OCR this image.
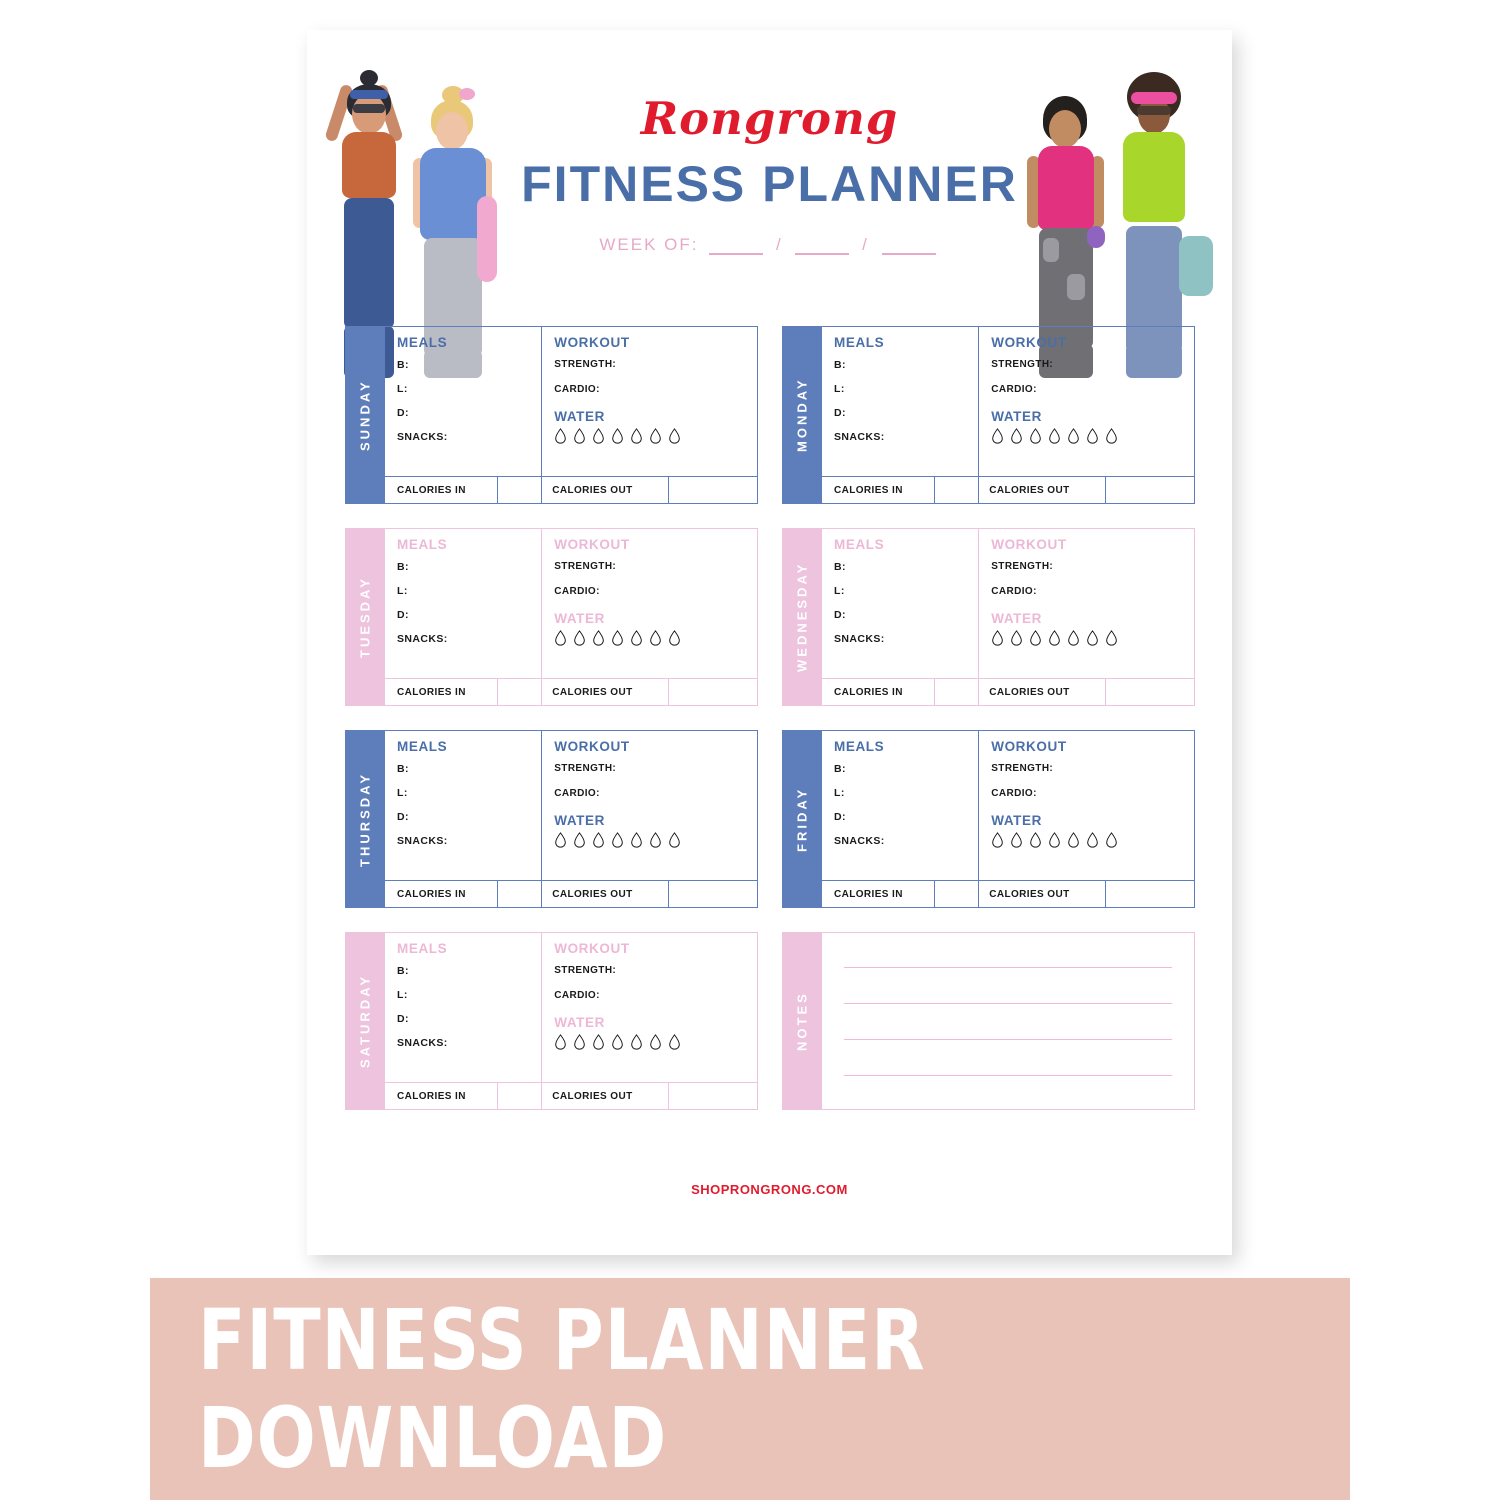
Rongrong
FITNESS PLANNER
WEEK OF:	/	/
SUNDAY
MEALS
B:
L:
D:
SNACKS:
WORKOUT
STRENGTH:
CARDIO:
WATER
CALORIES IN	CALORIES OUT
MONDAY
MEALS
B:
L:
D:
SNACKS:
WORKOUT
STRENGTH:
CARDIO:
WATER
CALORIES IN	CALORIES OUT
TUESDAY
MEALS
B:
L:
D:
SNACKS:
WORKOUT
STRENGTH:
CARDIO:
WATER
CALORIES IN	CALORIES OUT
WEDNESDAY
MEALS
B:
L:
D:
SNACKS:
WORKOUT
STRENGTH:
CARDIO:
WATER
CALORIES IN	CALORIES OUT
THURSDAY
MEALS
B:
L:
D:
SNACKS:
WORKOUT
STRENGTH:
CARDIO:
WATER
CALORIES IN	CALORIES OUT
FRIDAY
MEALS
B:
L:
D:
SNACKS:
WORKOUT
STRENGTH:
CARDIO:
WATER
CALORIES IN	CALORIES OUT
SATURDAY
MEALS
B:
L:
D:
SNACKS:
WORKOUT
STRENGTH:
CARDIO:
WATER
CALORIES IN	CALORIES OUT
NOTES
SHOPRONGRONG.COM
FITNESS PLANNER DOWNLOAD
